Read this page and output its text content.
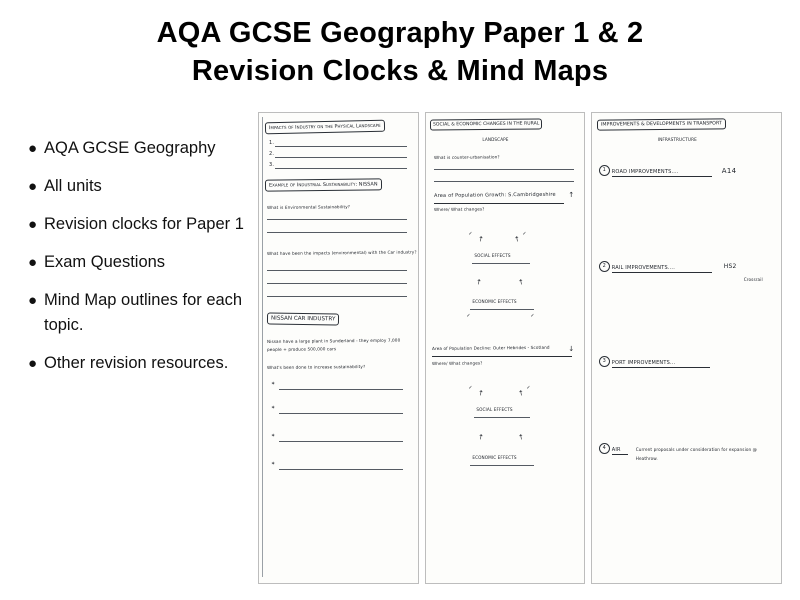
AQA GCSE Geography Paper 1 & 2
Revision Clocks & Mind Maps
● AQA GCSE Geography
● All units
● Revision clocks for Paper 1
● Exam Questions
● Mind Map outlines for each topic.
● Other revision resources.
Impacts of Industry on the Physical Landscape
1.
2.
3.
Example of Industrial Sustainability: NISSAN
What is Environmental Sustainability?
What have been the impacts (environmental) with the Car industry?
NISSAN CAR INDUSTRY
Nissan have a large plant in Sunderland - they employ 7,000 people + produce 500,000 cars
What's been done to increase sustainability?
✶
✶
✶
✶
SOCIAL & ECONOMIC CHANGES IN THE RURAL
LANDSCAPE
What is counter-urbanisation?
Area of Population Growth: S.Cambridgeshire
Where/ What changes?
↑
✓	✓
↗	↖
SOCIAL EFFECTS
↗	↖
ECONOMIC EFFECTS
✓	✓
Area of Population Decline: Outer Hebrides - Scotland
Where/ What changes?
↓
✓	✓
↗	↖
SOCIAL EFFECTS
↗	↖
ECONOMIC EFFECTS
IMPROVEMENTS & DEVELOPMENTS IN TRANSPORT
INFRASTRUCTURE
1	ROAD IMPROVEMENTS....	A14
2	RAIL IMPROVEMENTS....	HS2
Crossrail
3	PORT IMPROVEMENTS...
4	AIR	Current proposals under consideration for expansion @ Heathrow.
